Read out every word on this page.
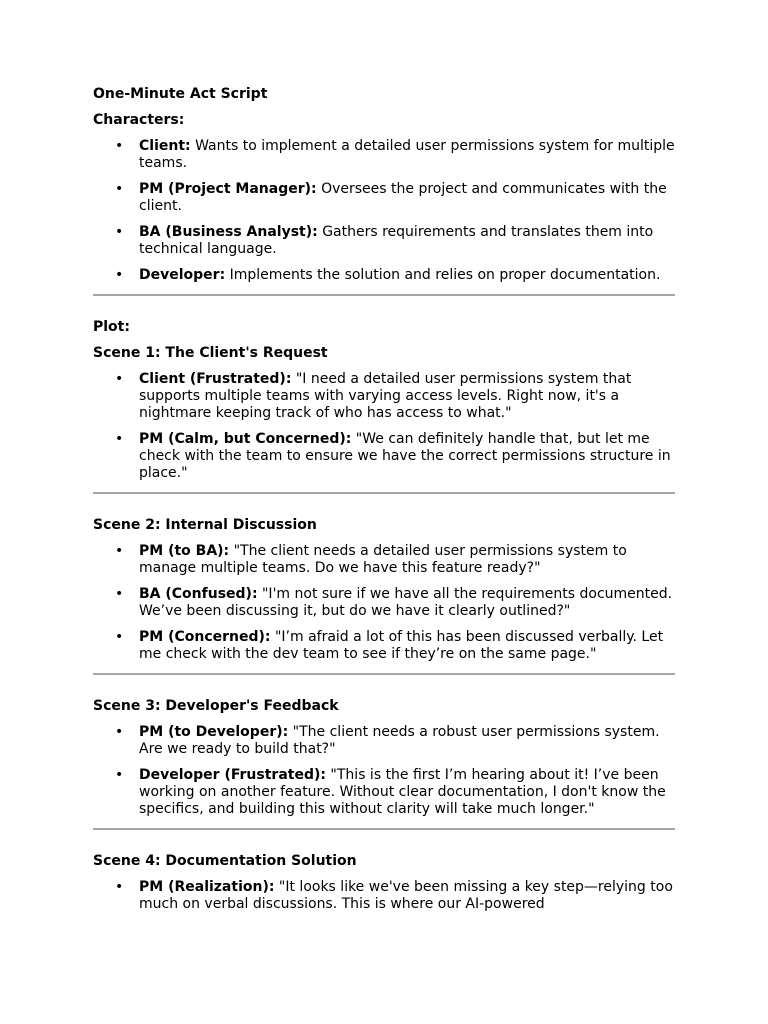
One-Minute Act Script

Characters:

• Client: Wants to implement a detailed user permissions system for multiple teams.
• PM (Project Manager): Oversees the project and communicates with the client.
• BA (Business Analyst): Gathers requirements and translates them into technical language.
• Developer: Implements the solution and relies on proper documentation.

Plot:

Scene 1: The Client's Request

• Client (Frustrated): "I need a detailed user permissions system that supports multiple teams with varying access levels. Right now, it's a nightmare keeping track of who has access to what."
• PM (Calm, but Concerned): "We can definitely handle that, but let me check with the team to ensure we have the correct permissions structure in place."

Scene 2: Internal Discussion

• PM (to BA): "The client needs a detailed user permissions system to manage multiple teams. Do we have this feature ready?"
• BA (Confused): "I'm not sure if we have all the requirements documented. We’ve been discussing it, but do we have it clearly outlined?"
• PM (Concerned): "I’m afraid a lot of this has been discussed verbally. Let me check with the dev team to see if they’re on the same page."

Scene 3: Developer's Feedback

• PM (to Developer): "The client needs a robust user permissions system. Are we ready to build that?"
• Developer (Frustrated): "This is the first I’m hearing about it! I’ve been working on another feature. Without clear documentation, I don't know the specifics, and building this without clarity will take much longer."

Scene 4: Documentation Solution

• PM (Realization): "It looks like we've been missing a key step—relying too much on verbal discussions. This is where our AI-powered
